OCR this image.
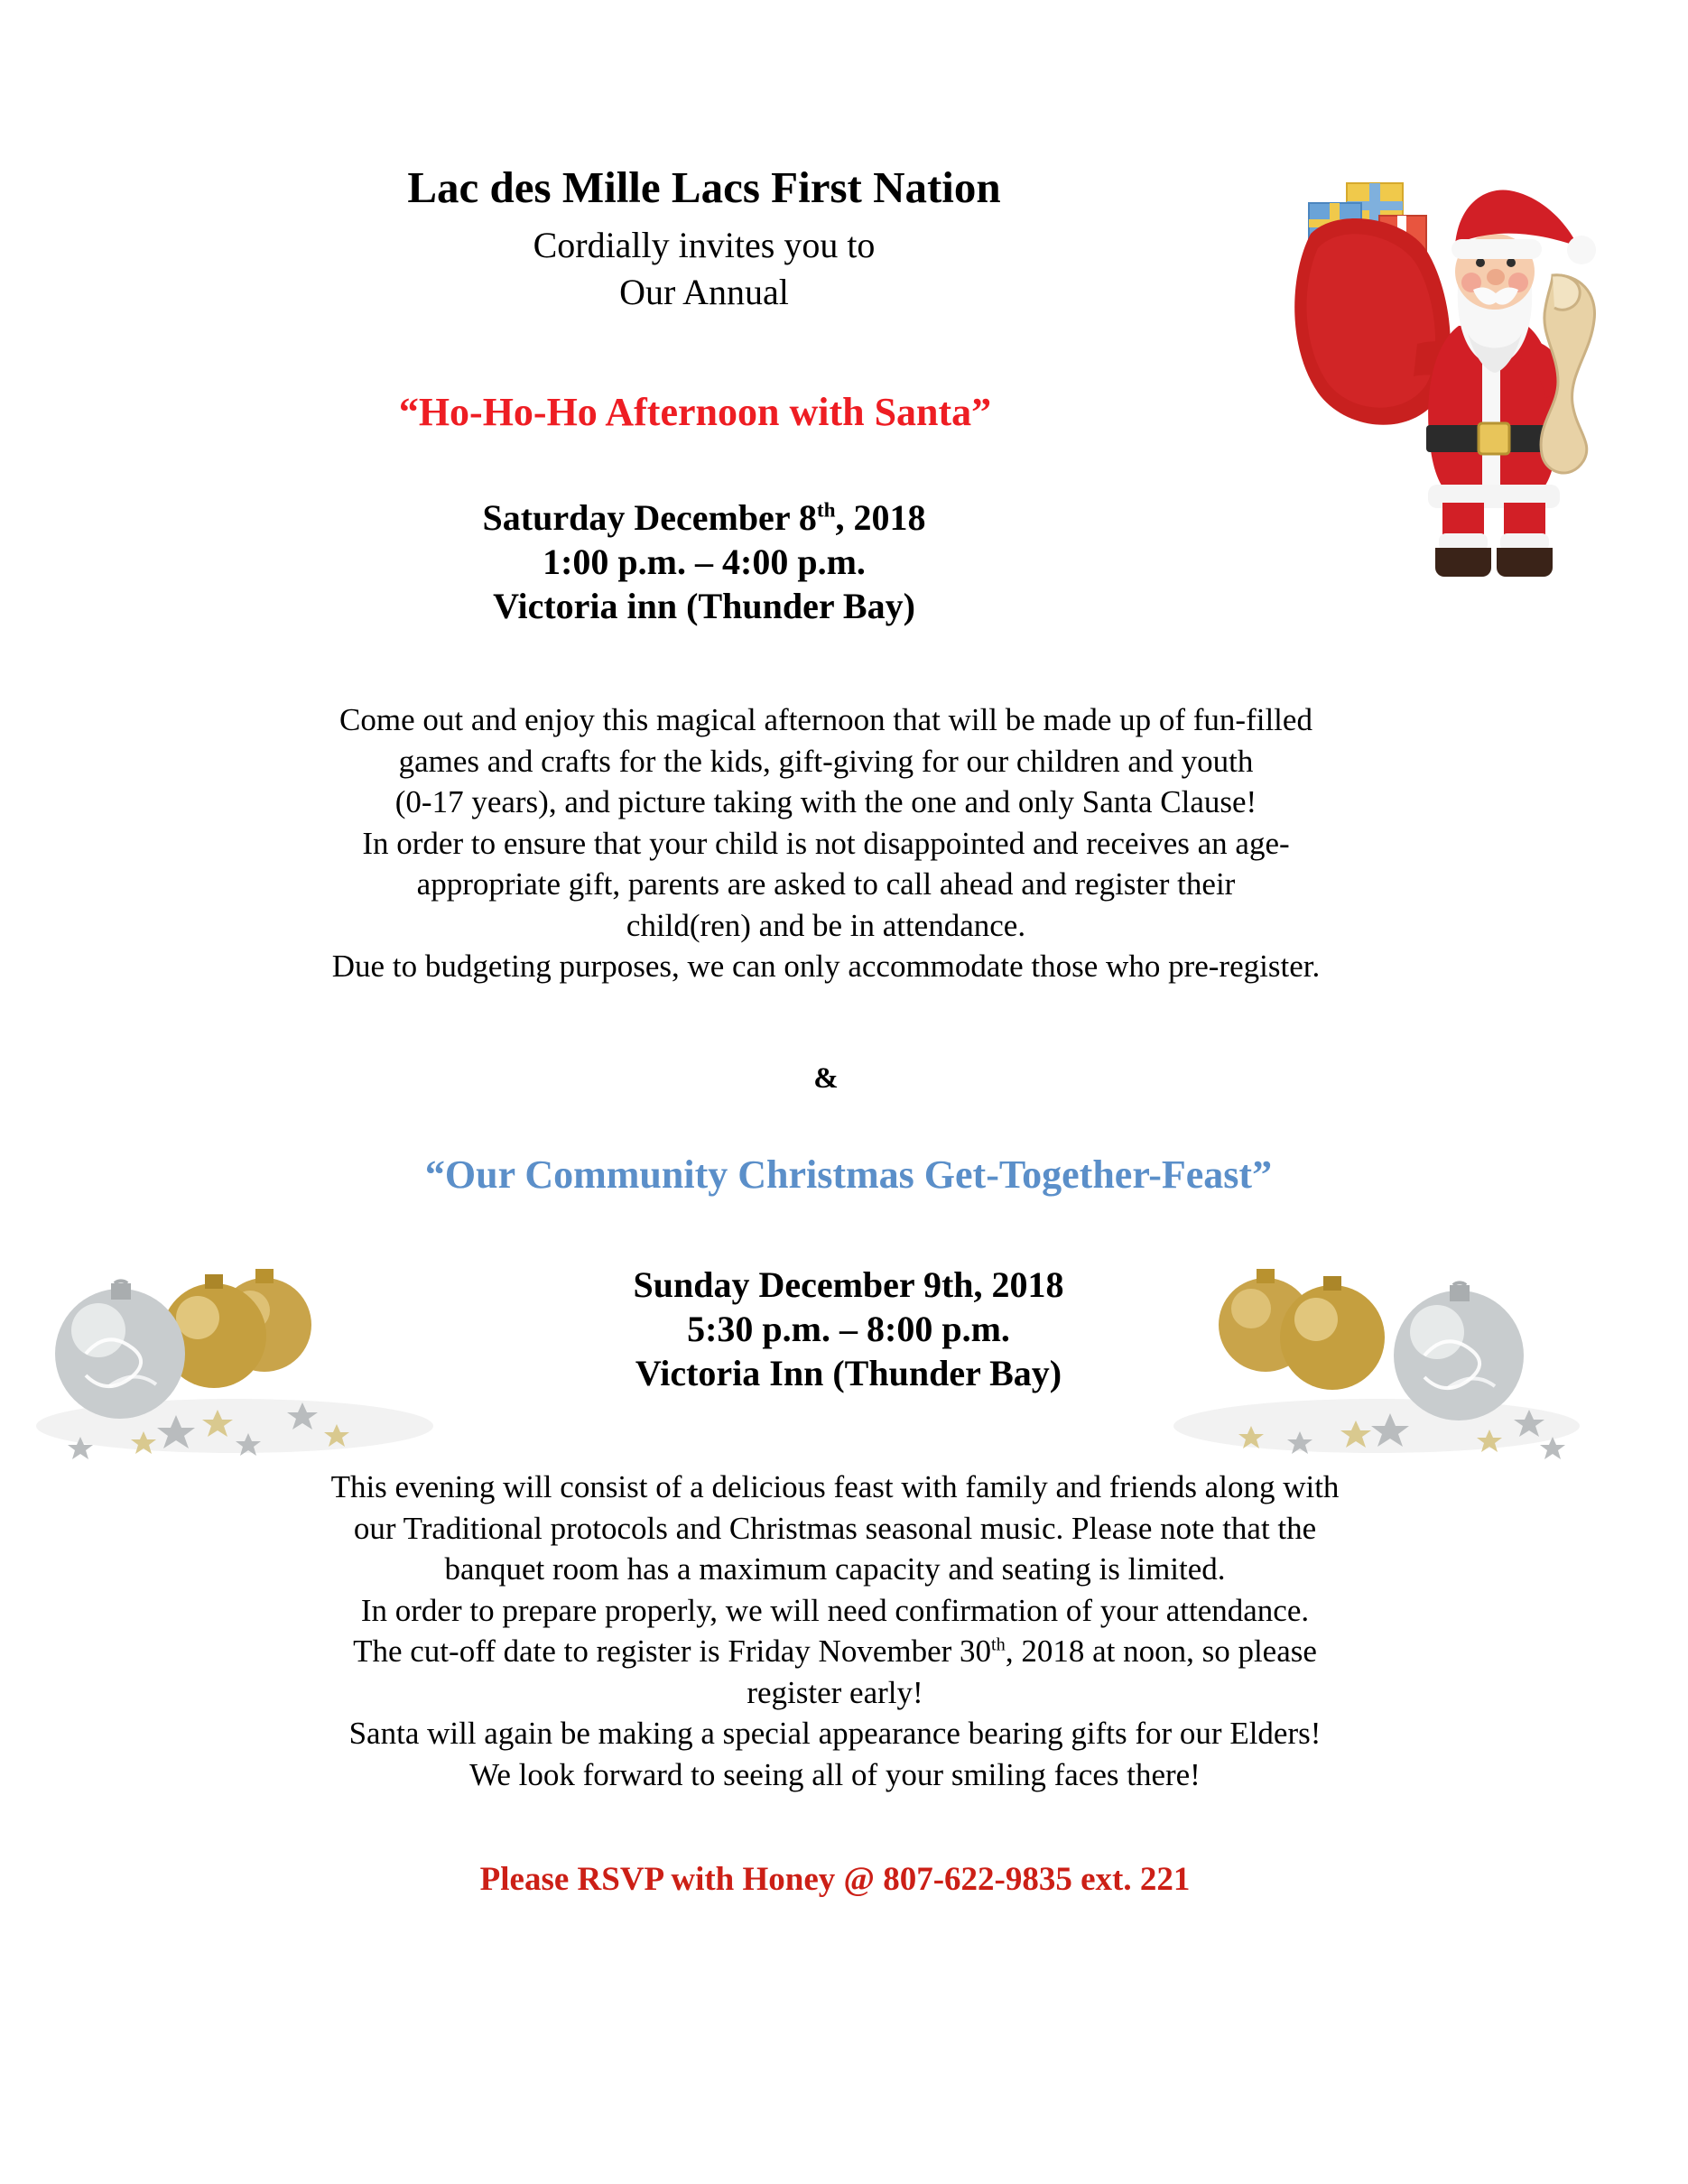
Lac des Mille Lacs First Nation
Cordially invites you to
Our Annual
“Ho-Ho-Ho Afternoon with Santa”
Saturday December 8th, 2018
1:00 p.m. – 4:00 p.m.
Victoria inn (Thunder Bay)
Come out and enjoy this magical afternoon that will be made up of fun-filled
games and crafts for the kids, gift-giving for our children and youth
(0-17 years), and picture taking with the one and only Santa Clause!
In order to ensure that your child is not disappointed and receives an age-
appropriate gift, parents are asked to call ahead and register their
child(ren) and be in attendance.
Due to budgeting purposes, we can only accommodate those who pre-register.
&
“Our Community Christmas Get-Together-Feast”
Sunday December 9th, 2018
5:30 p.m. – 8:00 p.m.
Victoria Inn (Thunder Bay)
This evening will consist of a delicious feast with family and friends along with
our Traditional protocols and Christmas seasonal music. Please note that the
banquet room has a maximum capacity and seating is limited.
In order to prepare properly, we will need confirmation of your attendance.
The cut-off date to register is Friday November 30th, 2018 at noon, so please
register early!
Santa will again be making a special appearance bearing gifts for our Elders!
We look forward to seeing all of your smiling faces there!
Please RSVP with Honey @ 807-622-9835 ext. 221
